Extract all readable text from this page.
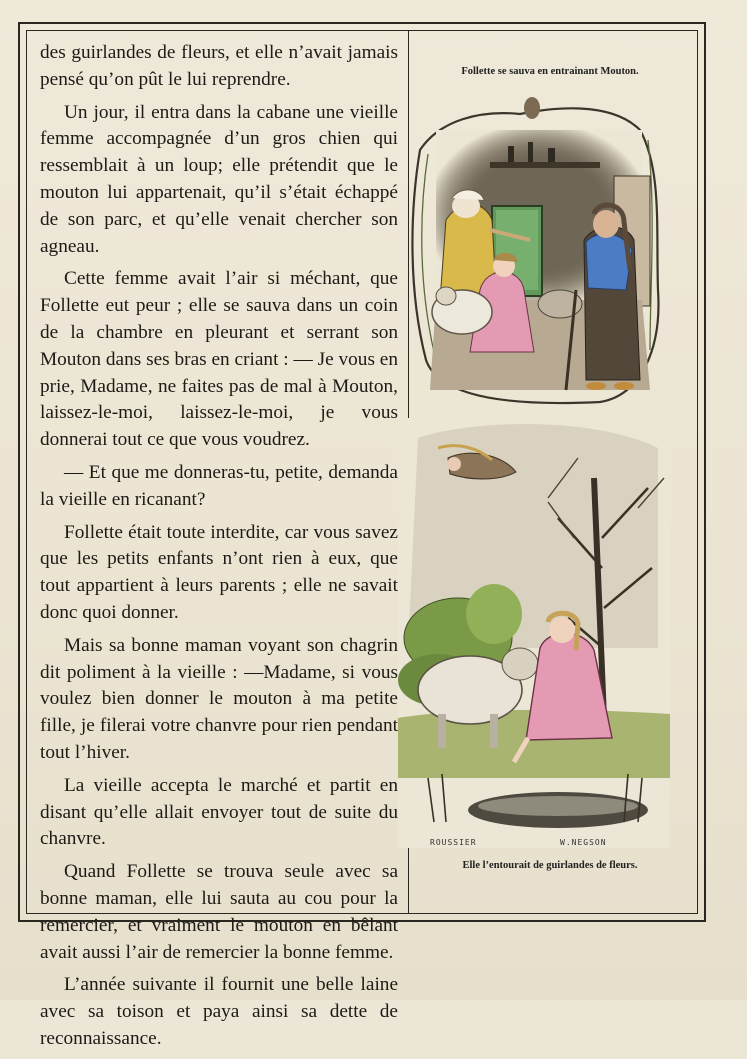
des guirlandes de fleurs, et elle n’avait jamais pensé qu’on pût le lui reprendre.

Un jour, il entra dans la cabane une vieille femme accompagnée d’un gros chien qui ressemblait à un loup; elle prétendit que le mouton lui appartenait, qu’il s’était échappé de son parc, et qu’elle venait chercher son agneau.

Cette femme avait l’air si méchant, que Follette eut peur ; elle se sauva dans un coin de la chambre en pleurant et serrant son Mouton dans ses bras en criant : — Je vous en prie, Madame, ne faites pas de mal à Mouton, laissez-le-moi, laissez-le-moi, je vous donnerai tout ce que vous voudrez.

— Et que me donneras-tu, petite, demanda la vieille en ricanant?

Follette était toute interdite, car vous savez que les petits enfants n’ont rien à eux, que tout appartient à leurs parents ; elle ne savait donc quoi donner.

Mais sa bonne maman voyant son chagrin dit poliment à la vieille : —Madame, si vous voulez bien donner le mouton à ma petite fille, je filerai votre chanvre pour rien pendant tout l’hiver.

La vieille accepta le marché et partit en disant qu’elle allait envoyer tout de suite du chanvre.

Quand Follette se trouva seule avec sa bonne maman, elle lui sauta au cou pour la remercier, et vraiment le mouton en bêlant avait aussi l’air de remercier la bonne femme.

L’année suivante il fournit une belle laine avec sa toison et paya ainsi sa dette de reconnaissance.

Follette se sauva en entrainant Mouton.
ROUSSIER	W.NEGSON
Elle l’entourait de guirlandes de fleurs.
